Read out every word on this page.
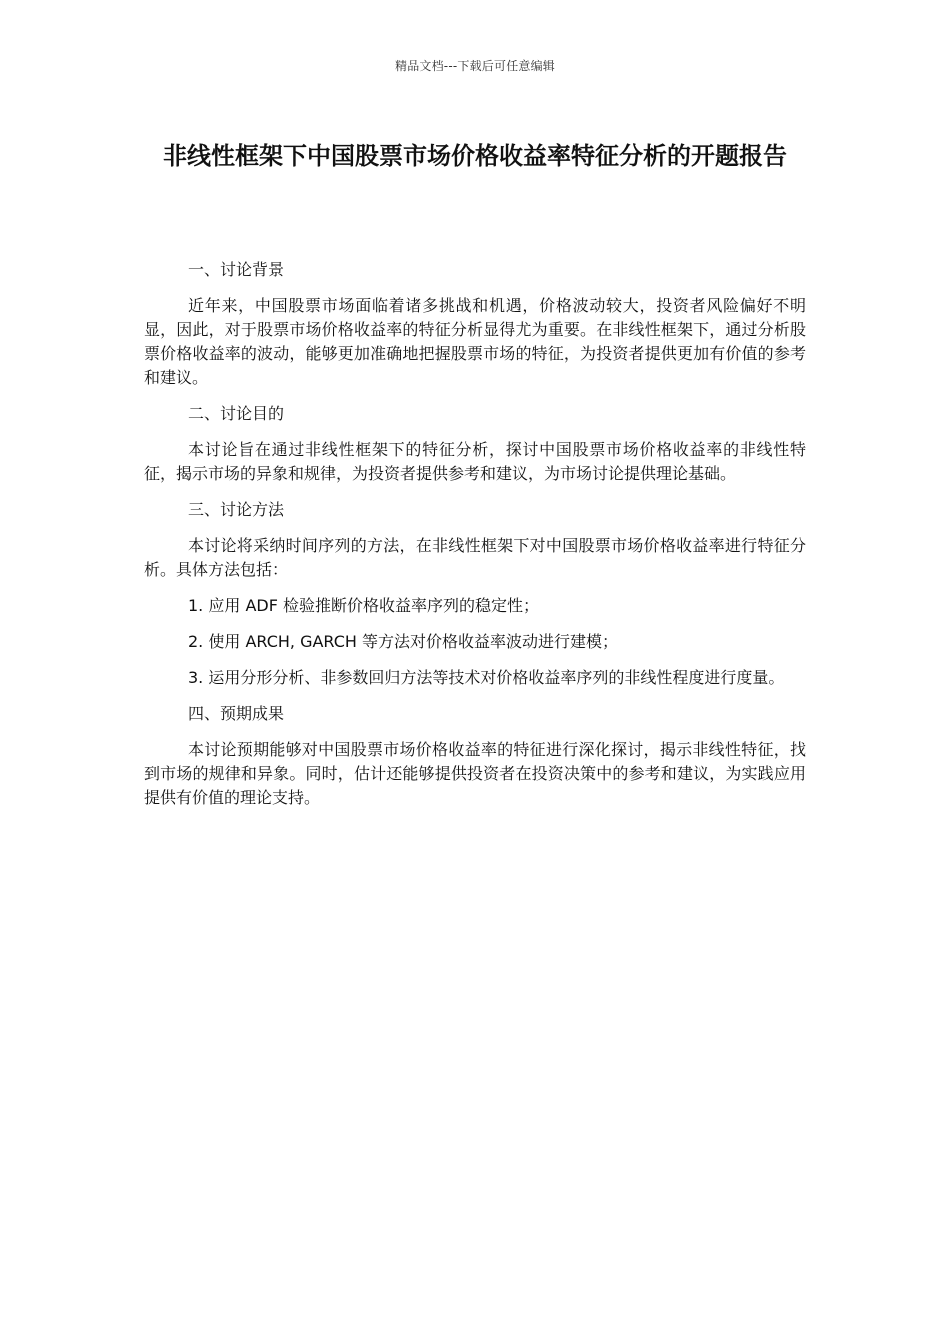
精品文档---下载后可任意编辑
非线性框架下中国股票市场价格收益率特征分析的开题报告

一、讨论背景

近年来，中国股票市场面临着诸多挑战和机遇，价格波动较大，投资者风险偏好不明显，因此，对于股票市场价格收益率的特征分析显得尤为重要。在非线性框架下，通过分析股票价格收益率的波动，能够更加准确地把握股票市场的特征，为投资者提供更加有价值的参考和建议。

二、讨论目的

本讨论旨在通过非线性框架下的特征分析，探讨中国股票市场价格收益率的非线性特征，揭示市场的异象和规律，为投资者提供参考和建议，为市场讨论提供理论基础。

三、讨论方法

本讨论将采纳时间序列的方法，在非线性框架下对中国股票市场价格收益率进行特征分析。具体方法包括：

1. 应用 ADF 检验推断价格收益率序列的稳定性；

2. 使用 ARCH, GARCH 等方法对价格收益率波动进行建模；

3. 运用分形分析、非参数回归方法等技术对价格收益率序列的非线性程度进行度量。

四、预期成果

本讨论预期能够对中国股票市场价格收益率的特征进行深化探讨，揭示非线性特征，找到市场的规律和异象。同时，估计还能够提供投资者在投资决策中的参考和建议，为实践应用提供有价值的理论支持。
